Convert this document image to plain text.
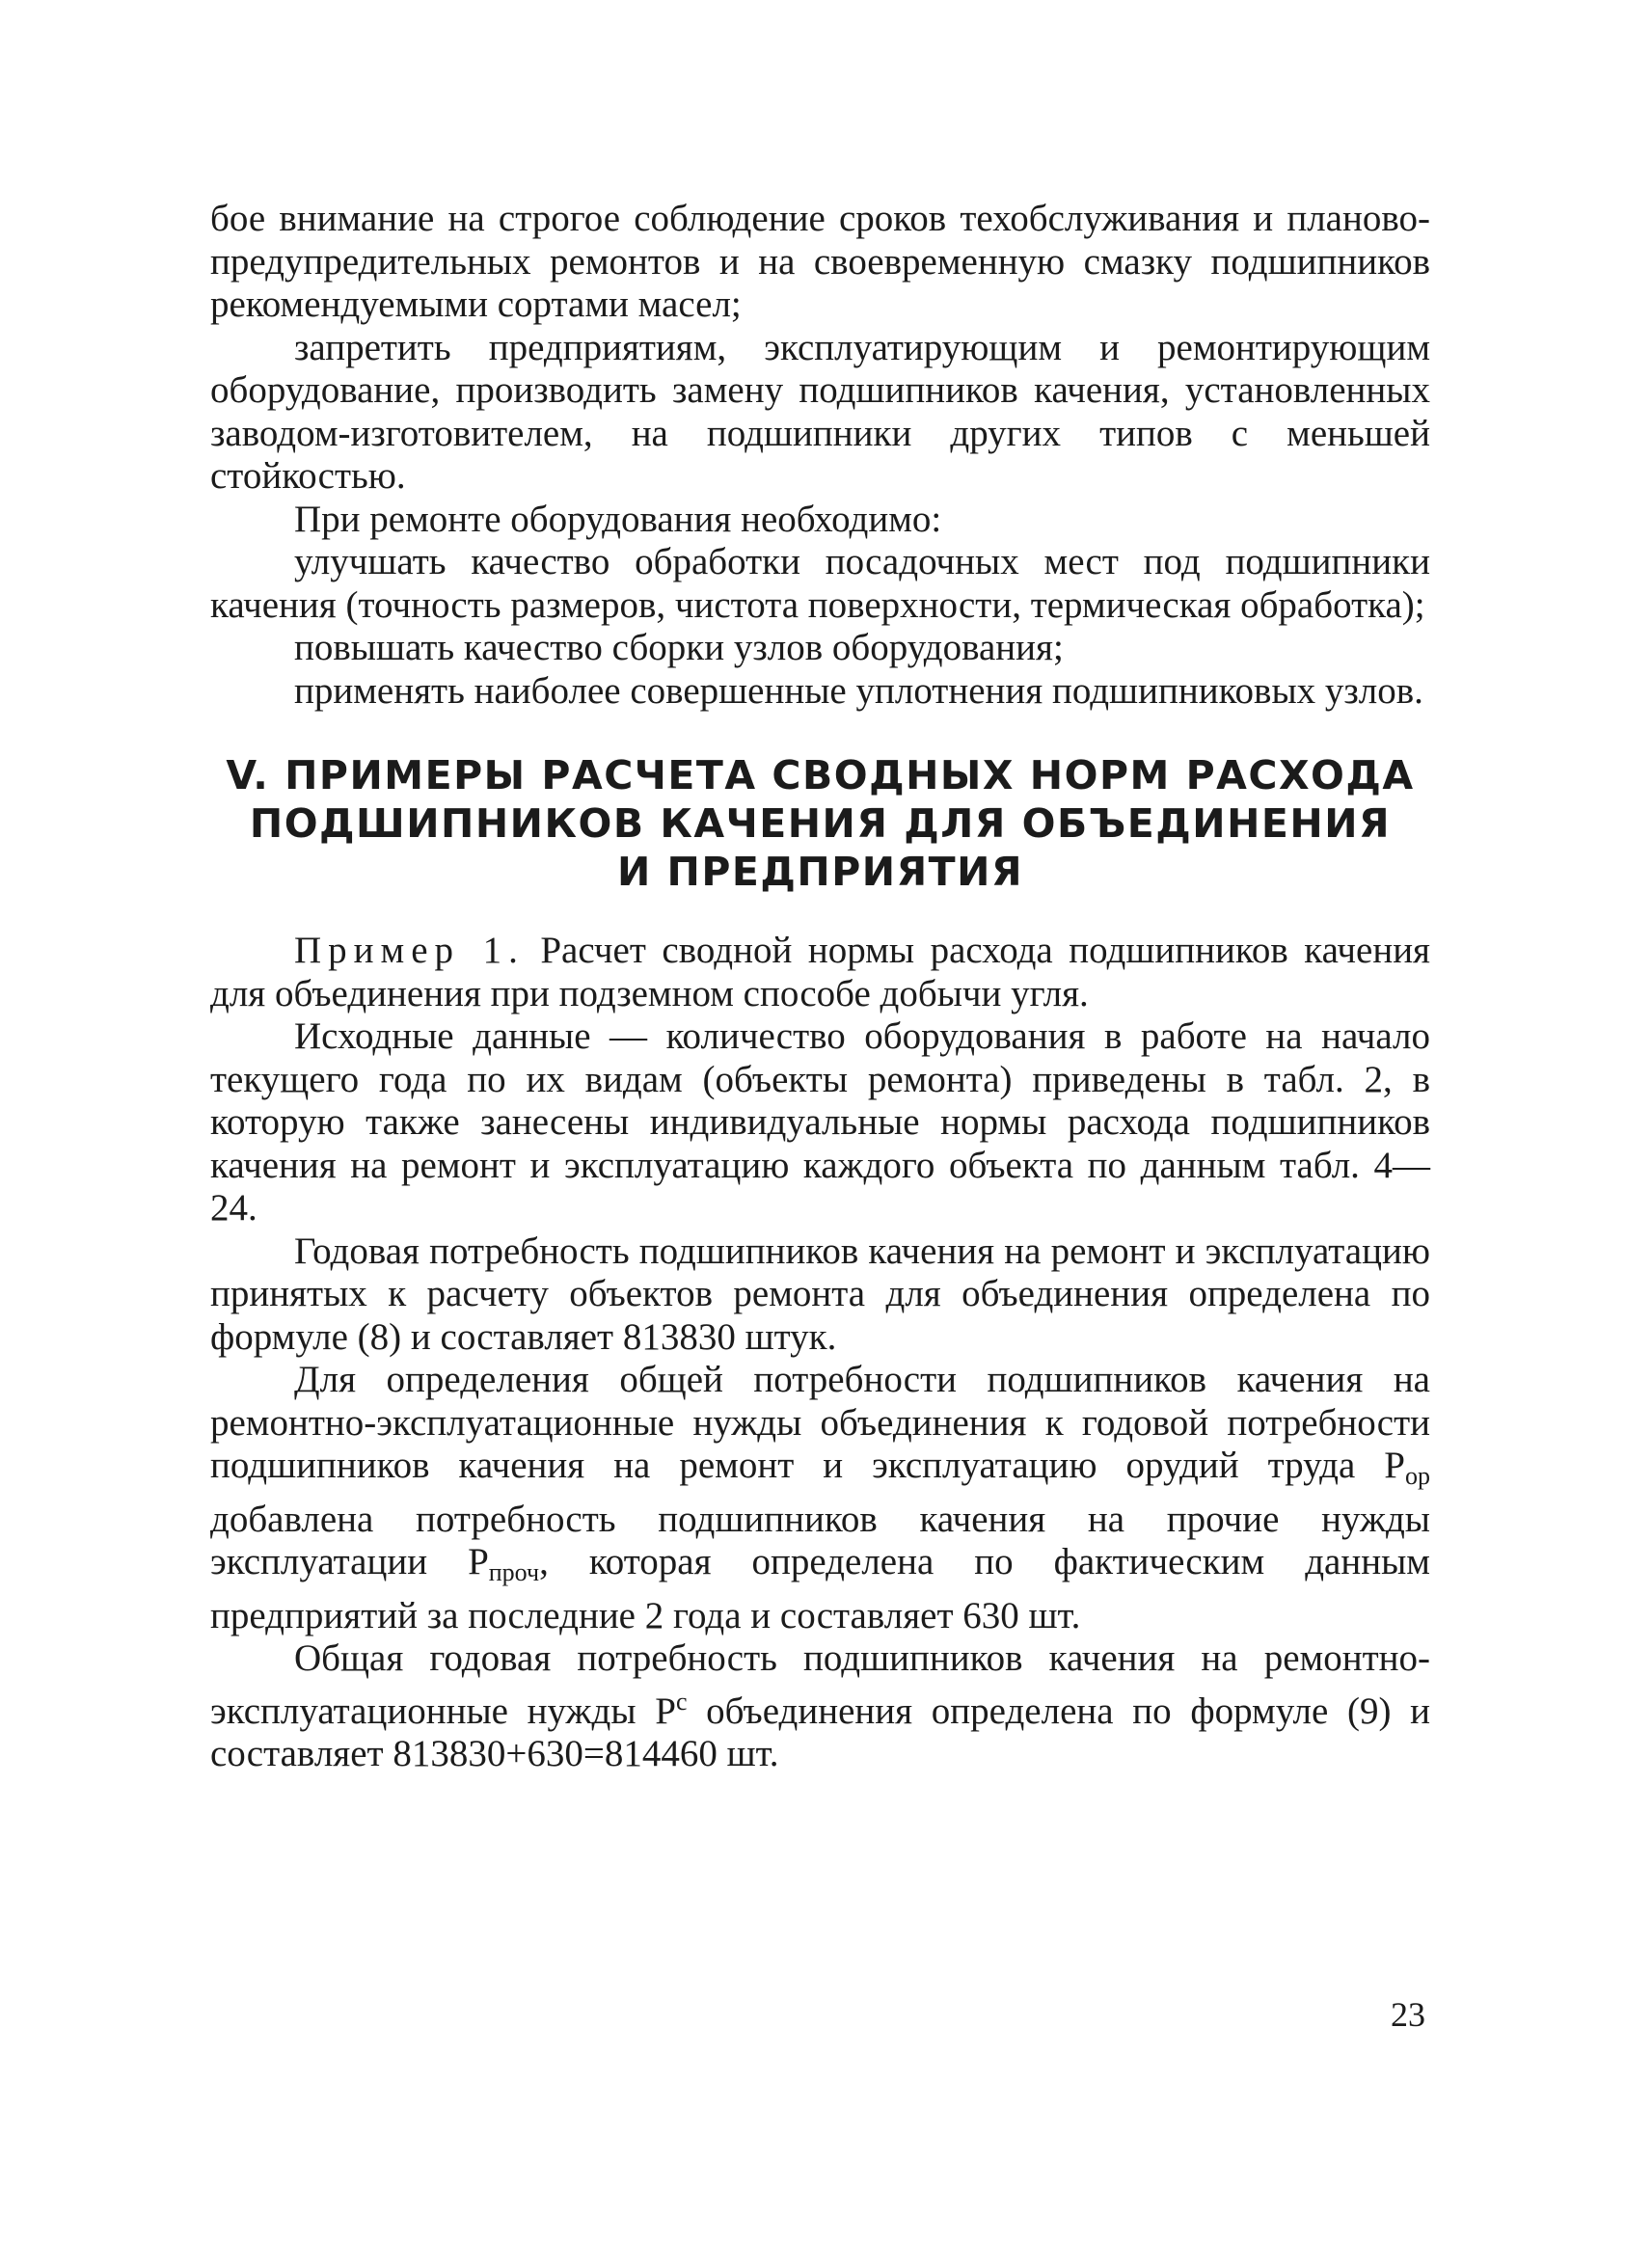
бое внимание на строгое соблюдение сроков техобслуживания и планово-предупредительных ремонтов и на своевременную смазку подшипников рекомендуемыми сортами масел;

запретить предприятиям, эксплуатирующим и ремонтирующим оборудование, производить замену подшипников качения, установленных заводом-изготовителем, на подшипники других типов с меньшей стойкостью.

При ремонте оборудования необходимо:

улучшать качество обработки посадочных мест под подшипники качения (точность размеров, чистота поверхности, термическая обработка);

повышать качество сборки узлов оборудования;

применять наиболее совершенные уплотнения подшипниковых узлов.

V. ПРИМЕРЫ РАСЧЕТА СВОДНЫХ НОРМ РАСХОДА
ПОДШИПНИКОВ КАЧЕНИЯ ДЛЯ ОБЪЕДИНЕНИЯ
И ПРЕДПРИЯТИЯ

Пример 1. Расчет сводной нормы расхода подшипников качения для объединения при подземном способе добычи угля.

Исходные данные — количество оборудования в работе на начало текущего года по их видам (объекты ремонта) приведены в табл. 2, в которую также занесены индивидуальные нормы расхода подшипников качения на ремонт и эксплуатацию каждого объекта по данным табл. 4—24.

Годовая потребность подшипников качения на ремонт и эксплуатацию принятых к расчету объектов ремонта для объединения определена по формуле (8) и составляет 813830 штук.

Для определения общей потребности подшипников качения на ремонтно-эксплуатационные нужды объединения к годовой потребности подшипников качения на ремонт и эксплуатацию орудий труда $P_{ор}$ добавлена потребность подшипников качения на прочие нужды эксплуатации $P_{проч}$, которая определена по фактическим данным предприятий за последние 2 года и составляет 630 шт.

Общая годовая потребность подшипников качения на ремонтно-эксплуатационные нужды $P^с$ объединения определена по формуле (9) и составляет 813830+630=814460 шт.

23
